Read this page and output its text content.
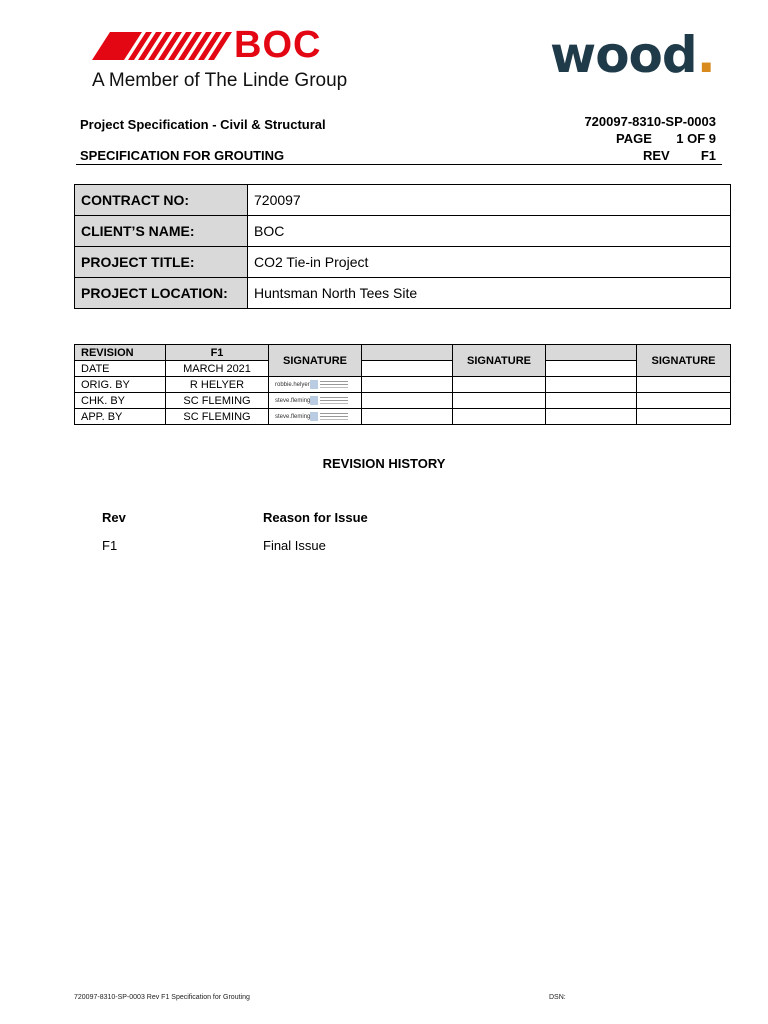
BOC
A Member of The Linde Group	wood.
Project Specification - Civil & Structural
SPECIFICATION FOR GROUTING
720097-8310-SP-0003
PAGE 1 OF 9
REV F1
CONTRACT NO:	720097
CLIENT’S NAME:	BOC
PROJECT TITLE:	CO2 Tie-in Project
PROJECT LOCATION:	Huntsman North Tees Site
REVISION	F1	SIGNATURE		SIGNATURE		SIGNATURE
DATE	MARCH 2021					
ORIG. BY	R HELYER	robbie.helyer

CHK. BY	SC FLEMING	steve.fleming

APP. BY	SC FLEMING	steve.fleming

REVISION HISTORY
Rev	Reason for Issue
F1	Final Issue
720097-8310-SP-0003 Rev F1 Specification for Grouting	DSN:
